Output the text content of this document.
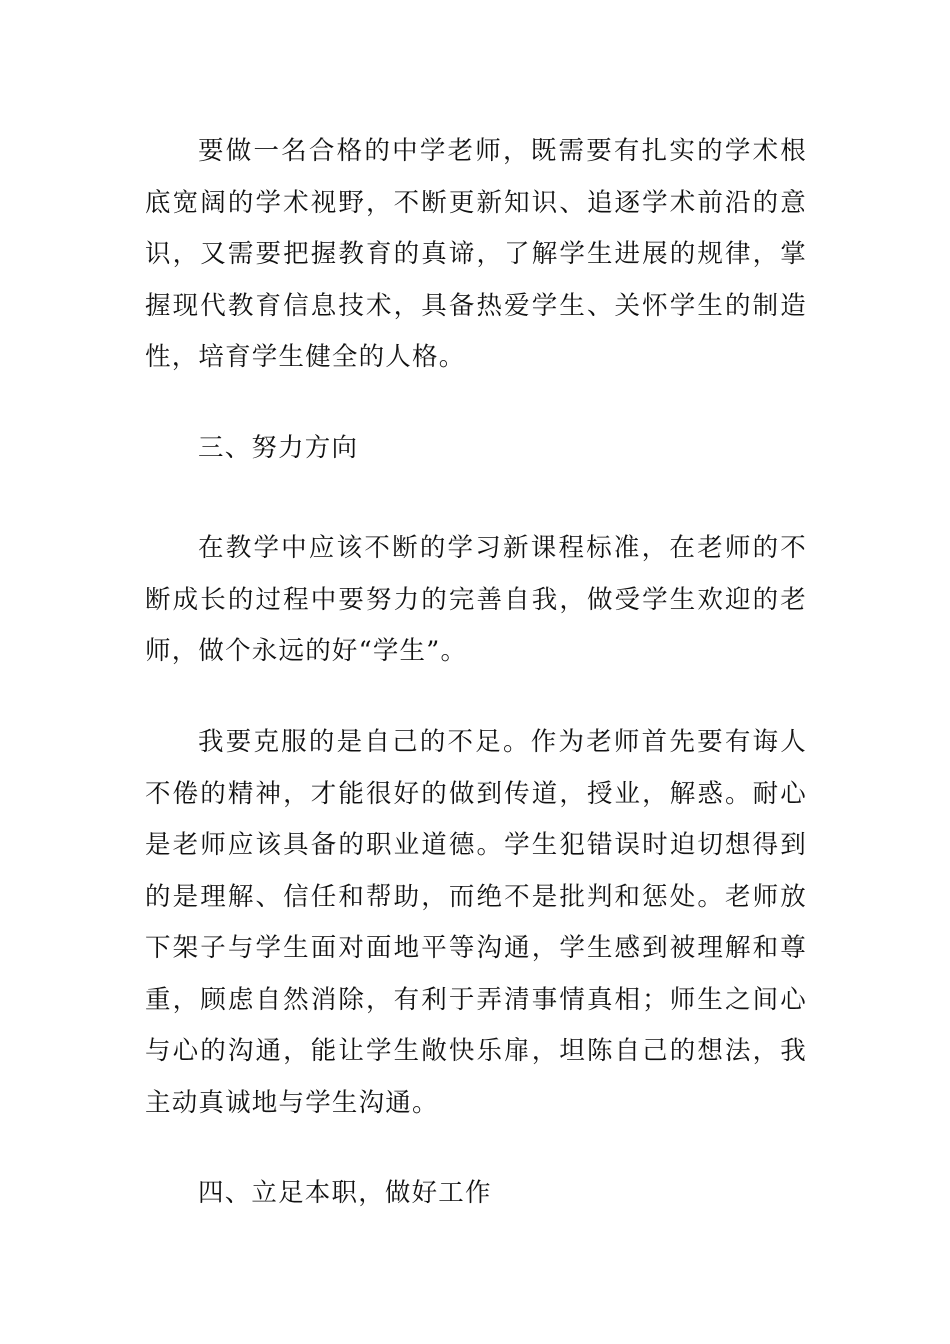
要做一名合格的中学老师，既需要有扎实的学术根底宽阔的学术视野，不断更新知识、追逐学术前沿的意识，又需要把握教育的真谛，了解学生进展的规律，掌握现代教育信息技术，具备热爱学生、关怀学生的制造性，培育学生健全的人格。

三、努力方向

在教学中应该不断的学习新课程标准，在老师的不断成长的过程中要努力的完善自我，做受学生欢迎的老师，做个永远的好“学生”。

我要克服的是自己的不足。作为老师首先要有诲人不倦的精神，才能很好的做到传道，授业，解惑。耐心是老师应该具备的职业道德。学生犯错误时迫切想得到的是理解、信任和帮助，而绝不是批判和惩处。老师放下架子与学生面对面地平等沟通，学生感到被理解和尊重，顾虑自然消除，有利于弄清事情真相；师生之间心与心的沟通，能让学生敞快乐扉，坦陈自己的想法，我主动真诚地与学生沟通。

四、立足本职，做好工作
